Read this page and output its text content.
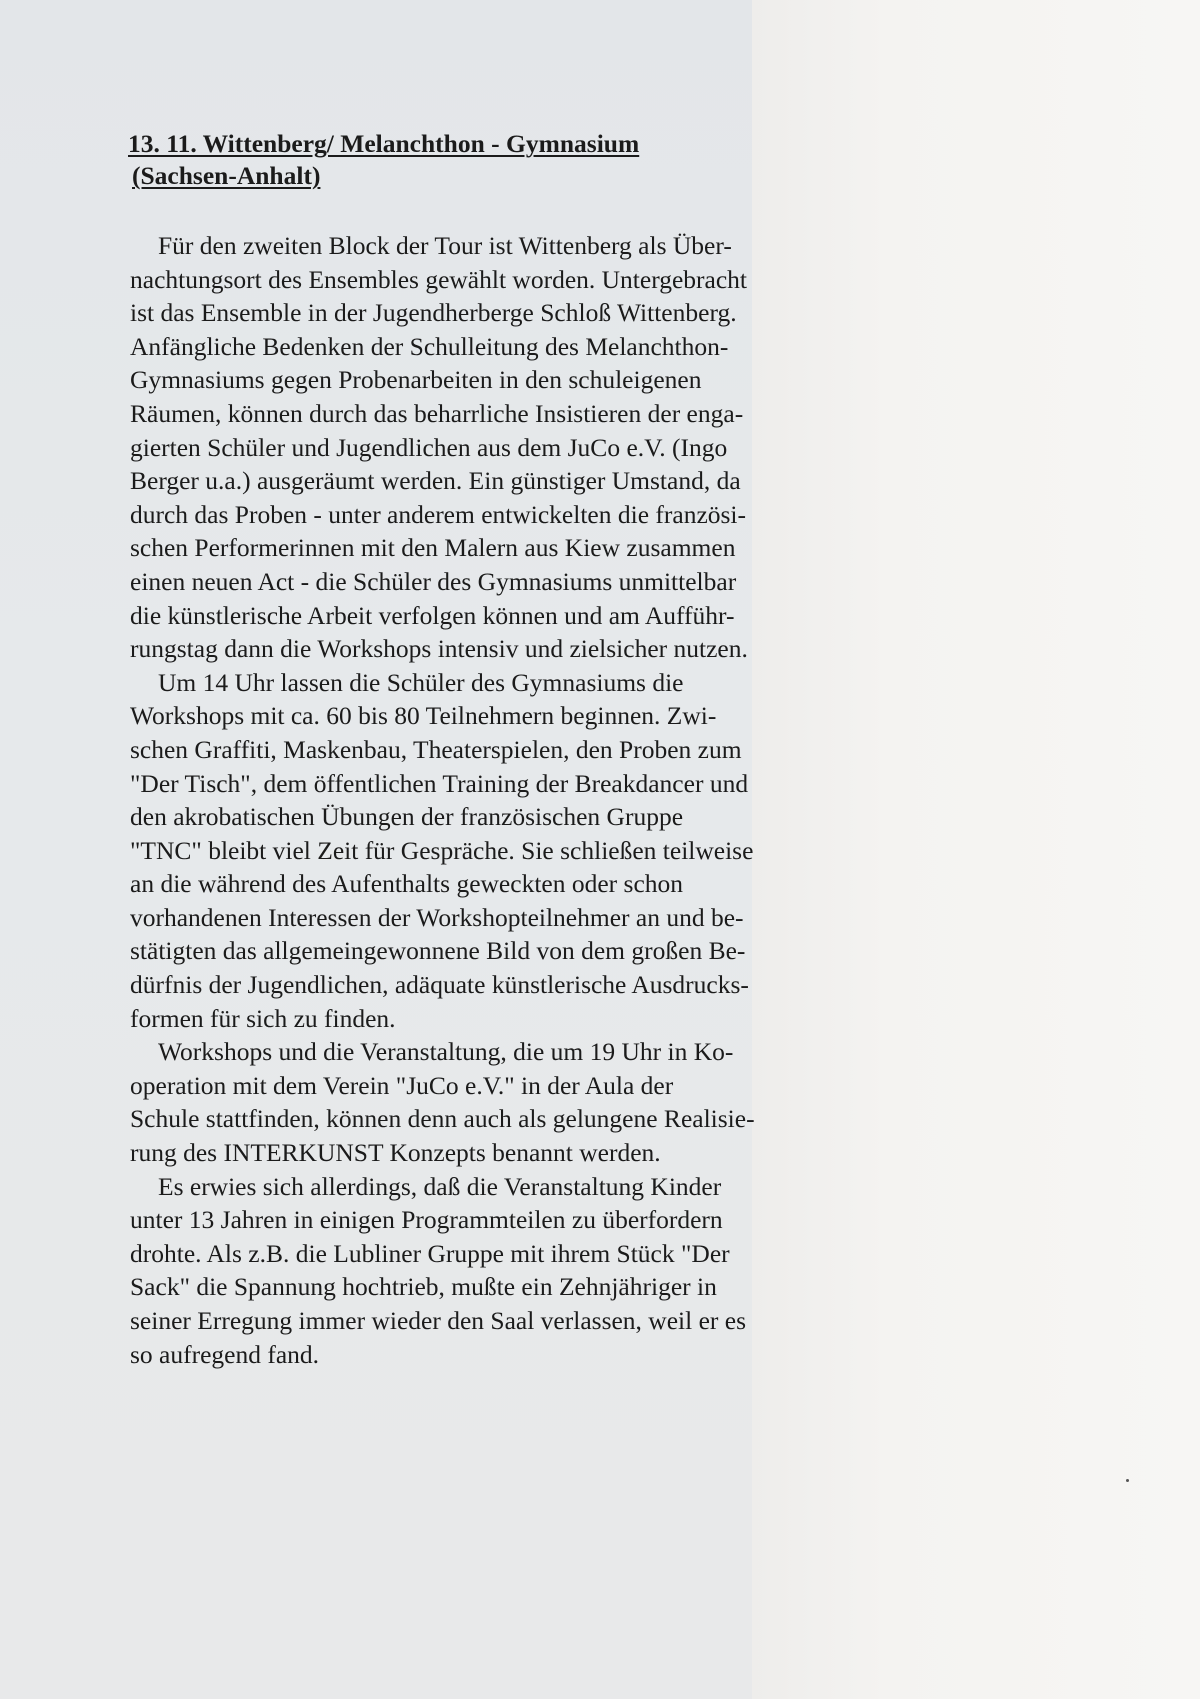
13. 11. Wittenberg/ Melanchthon - Gymnasium
(Sachsen-Anhalt)
Für den zweiten Block der Tour ist Wittenberg als Über-
nachtungsort des Ensembles gewählt worden. Untergebracht
ist das Ensemble in der Jugendherberge Schloß Wittenberg.
Anfängliche Bedenken der Schulleitung des Melanchthon-
Gymnasiums gegen Probenarbeiten in den schuleigenen
Räumen, können durch das beharrliche Insistieren der enga-
gierten Schüler und Jugendlichen aus dem JuCo e.V. (Ingo
Berger u.a.) ausgeräumt werden. Ein günstiger Umstand, da
durch das Proben - unter anderem entwickelten die französi-
schen Performerinnen mit den Malern aus Kiew zusammen
einen neuen Act - die Schüler des Gymnasiums unmittelbar
die künstlerische Arbeit verfolgen können und am Aufführ-
rungstag dann die Workshops intensiv und zielsicher nutzen.
Um 14 Uhr lassen die Schüler des Gymnasiums die
Workshops mit ca. 60 bis 80 Teilnehmern beginnen. Zwi-
schen Graffiti, Maskenbau, Theaterspielen, den Proben zum
"Der Tisch", dem öffentlichen Training der Breakdancer und
den akrobatischen Übungen der französischen Gruppe
"TNC" bleibt viel Zeit für Gespräche. Sie schließen teilweise
an die während des Aufenthalts geweckten oder schon
vorhandenen Interessen der Workshopteilnehmer an und be-
stätigten das allgemeingewonnene Bild von dem großen Be-
dürfnis der Jugendlichen, adäquate künstlerische Ausdrucks-
formen für sich zu finden.
Workshops und die Veranstaltung, die um 19 Uhr in Ko-
operation mit dem Verein "JuCo e.V." in der Aula der
Schule stattfinden, können denn auch als gelungene Realisie-
rung des INTERKUNST Konzepts benannt werden.
Es erwies sich allerdings, daß die Veranstaltung Kinder
unter 13 Jahren in einigen Programmteilen zu überfordern
drohte. Als z.B. die Lubliner Gruppe mit ihrem Stück "Der
Sack" die Spannung hochtrieb, mußte ein Zehnjähriger in
seiner Erregung immer wieder den Saal verlassen, weil er es
so aufregend fand.
